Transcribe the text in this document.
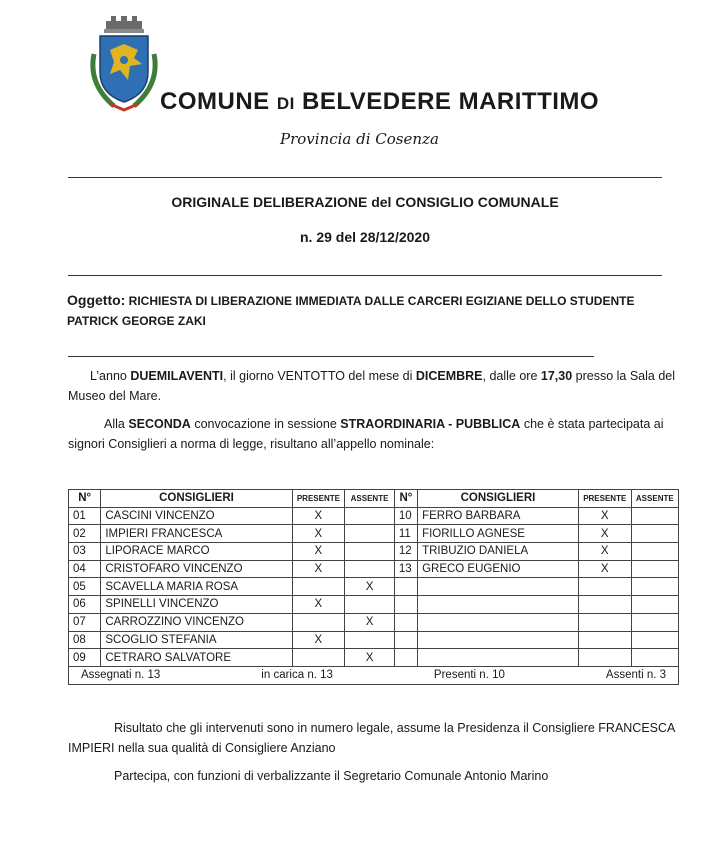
COMUNE DI BELVEDERE MARITTIMO
Provincia di Cosenza
ORIGINALE DELIBERAZIONE del CONSIGLIO COMUNALE
n. 29 del 28/12/2020
Oggetto: RICHIESTA DI LIBERAZIONE IMMEDIATA DALLE CARCERI EGIZIANE DELLO STUDENTE PATRICK GEORGE ZAKI
L’anno DUEMILAVENTI, il giorno VENTOTTO del mese di DICEMBRE, dalle ore 17,30 presso la Sala del Museo del Mare.
Alla SECONDA convocazione in sessione STRAORDINARIA - PUBBLICA che è stata partecipata ai signori Consiglieri a norma di legge, risultano all’appello nominale:
N°	CONSIGLIERI	PRESENTE	ASSENTE	N°	CONSIGLIERI	PRESENTE	ASSENTE
01	CASCINI VINCENZO	X		10	FERRO BARBARA	X	
02	IMPIERI FRANCESCA	X		11	FIORILLO AGNESE	X	
03	LIPORACE MARCO	X		12	TRIBUZIO DANIELA	X	
04	CRISTOFARO VINCENZO	X		13	GRECO EUGENIO	X	
05	SCAVELLA MARIA ROSA		X				
06	SPINELLI VINCENZO	X					
07	CARROZZINO VINCENZO		X				
08	SCOGLIO STEFANIA	X					
09	CETRARO SALVATORE		X				

Assegnati n. 13 in carica n. 13 Presenti n. 10 Assenti n. 3							
Risultato che gli intervenuti sono in numero legale, assume la Presidenza il Consigliere FRANCESCA IMPIERI nella sua qualità di Consigliere Anziano
Partecipa, con funzioni di verbalizzante il Segretario Comunale Antonio Marino
